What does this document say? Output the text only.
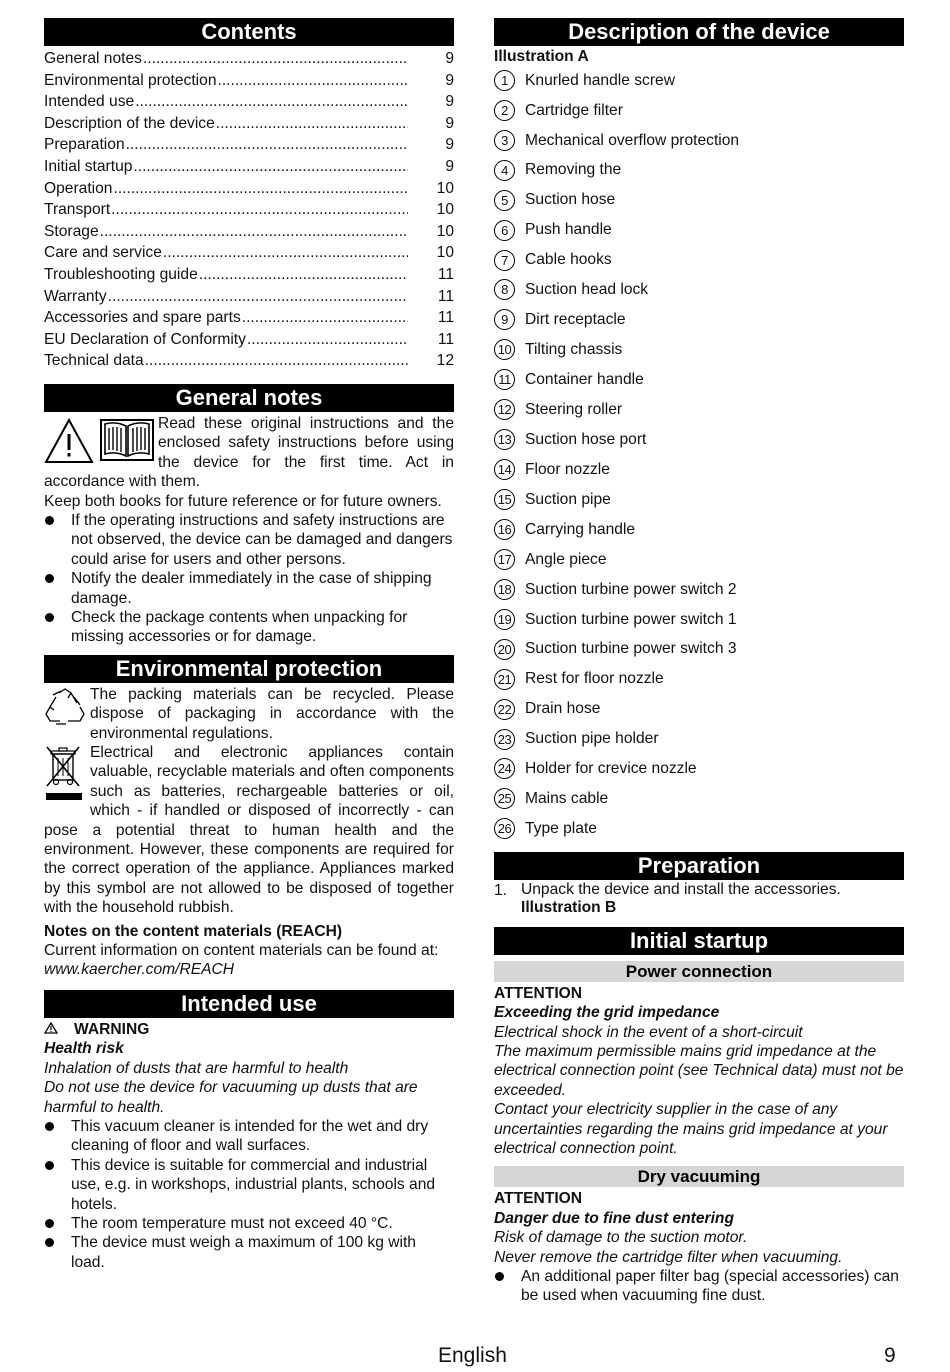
Contents
General notes .....	9
Environmental protection .....	9
Intended use .....	9
Description of the device .....	9
Preparation .....	9
Initial startup .....	9
Operation .....	10
Transport .....	10
Storage .....	10
Care and service .....	10
Troubleshooting guide .....	11
Warranty .....	11
Accessories and spare parts .....	11
EU Declaration of Conformity .....	11
Technical data .....	12
General notes

Read these original instructions and the enclosed safety instructions before using the device for the first time. Act in accordance with them.

Keep both books for future reference or for future owners.

If the operating instructions and safety instructions are not observed, the device can be damaged and dangers could arise for users and other persons.

Notify the dealer immediately in the case of shipping damage.

Check the package contents when unpacking for missing accessories or for damage.

Environmental protection

The packing materials can be recycled. Please dispose of packaging in accordance with the environmental regulations.

Electrical and electronic appliances contain valuable, recyclable materials and often components such as batteries, rechargeable batteries or oil, which - if handled or disposed of incorrectly - can pose a potential threat to human health and the environment. However, these components are required for the correct operation of the appliance. Appliances marked by this symbol are not allowed to be disposed of together with the household rubbish.

Notes on the content materials (REACH)

Current information on content materials can be found at: www.kaercher.com/REACH

Intended use

WARNING

Health risk

Inhalation of dusts that are harmful to health

Do not use the device for vacuuming up dusts that are harmful to health.

This vacuum cleaner is intended for the wet and dry cleaning of floor and wall surfaces.

This device is suitable for commercial and industrial use, e.g. in workshops, industrial plants, schools and hotels.

The room temperature must not exceed 40 °C.

The device must weigh a maximum of 100 kg with load.

Description of the device

Illustration A

1	Knurled handle screw
2	Cartridge filter
3	Mechanical overflow protection
4	Removing the
5	Suction hose
6	Push handle
7	Cable hooks
8	Suction head lock
9	Dirt receptacle
10 Tilting chassis
11 Container handle
12 Steering roller
13 Suction hose port
14 Floor nozzle
15 Suction pipe
16 Carrying handle
17 Angle piece
18 Suction turbine power switch 2
19 Suction turbine power switch 1
20 Suction turbine power switch 3
21 Rest for floor nozzle
22 Drain hose
23 Suction pipe holder
24 Holder for crevice nozzle
25 Mains cable
26 Type plate
Preparation
1. Unpack the device and install the accessories.

Illustration B

Initial startup
Power connection

ATTENTION

Exceeding the grid impedance

Electrical shock in the event of a short-circuit

The maximum permissible mains grid impedance at the electrical connection point (see Technical data) must not be exceeded.

Contact your electricity supplier in the case of any uncertainties regarding the mains grid impedance at your electrical connection point.

Dry vacuuming

ATTENTION

Danger due to fine dust entering

Risk of damage to the suction motor.

Never remove the cartridge filter when vacuuming.

An additional paper filter bag (special accessories) can be used when vacuuming fine dust.

English	9
